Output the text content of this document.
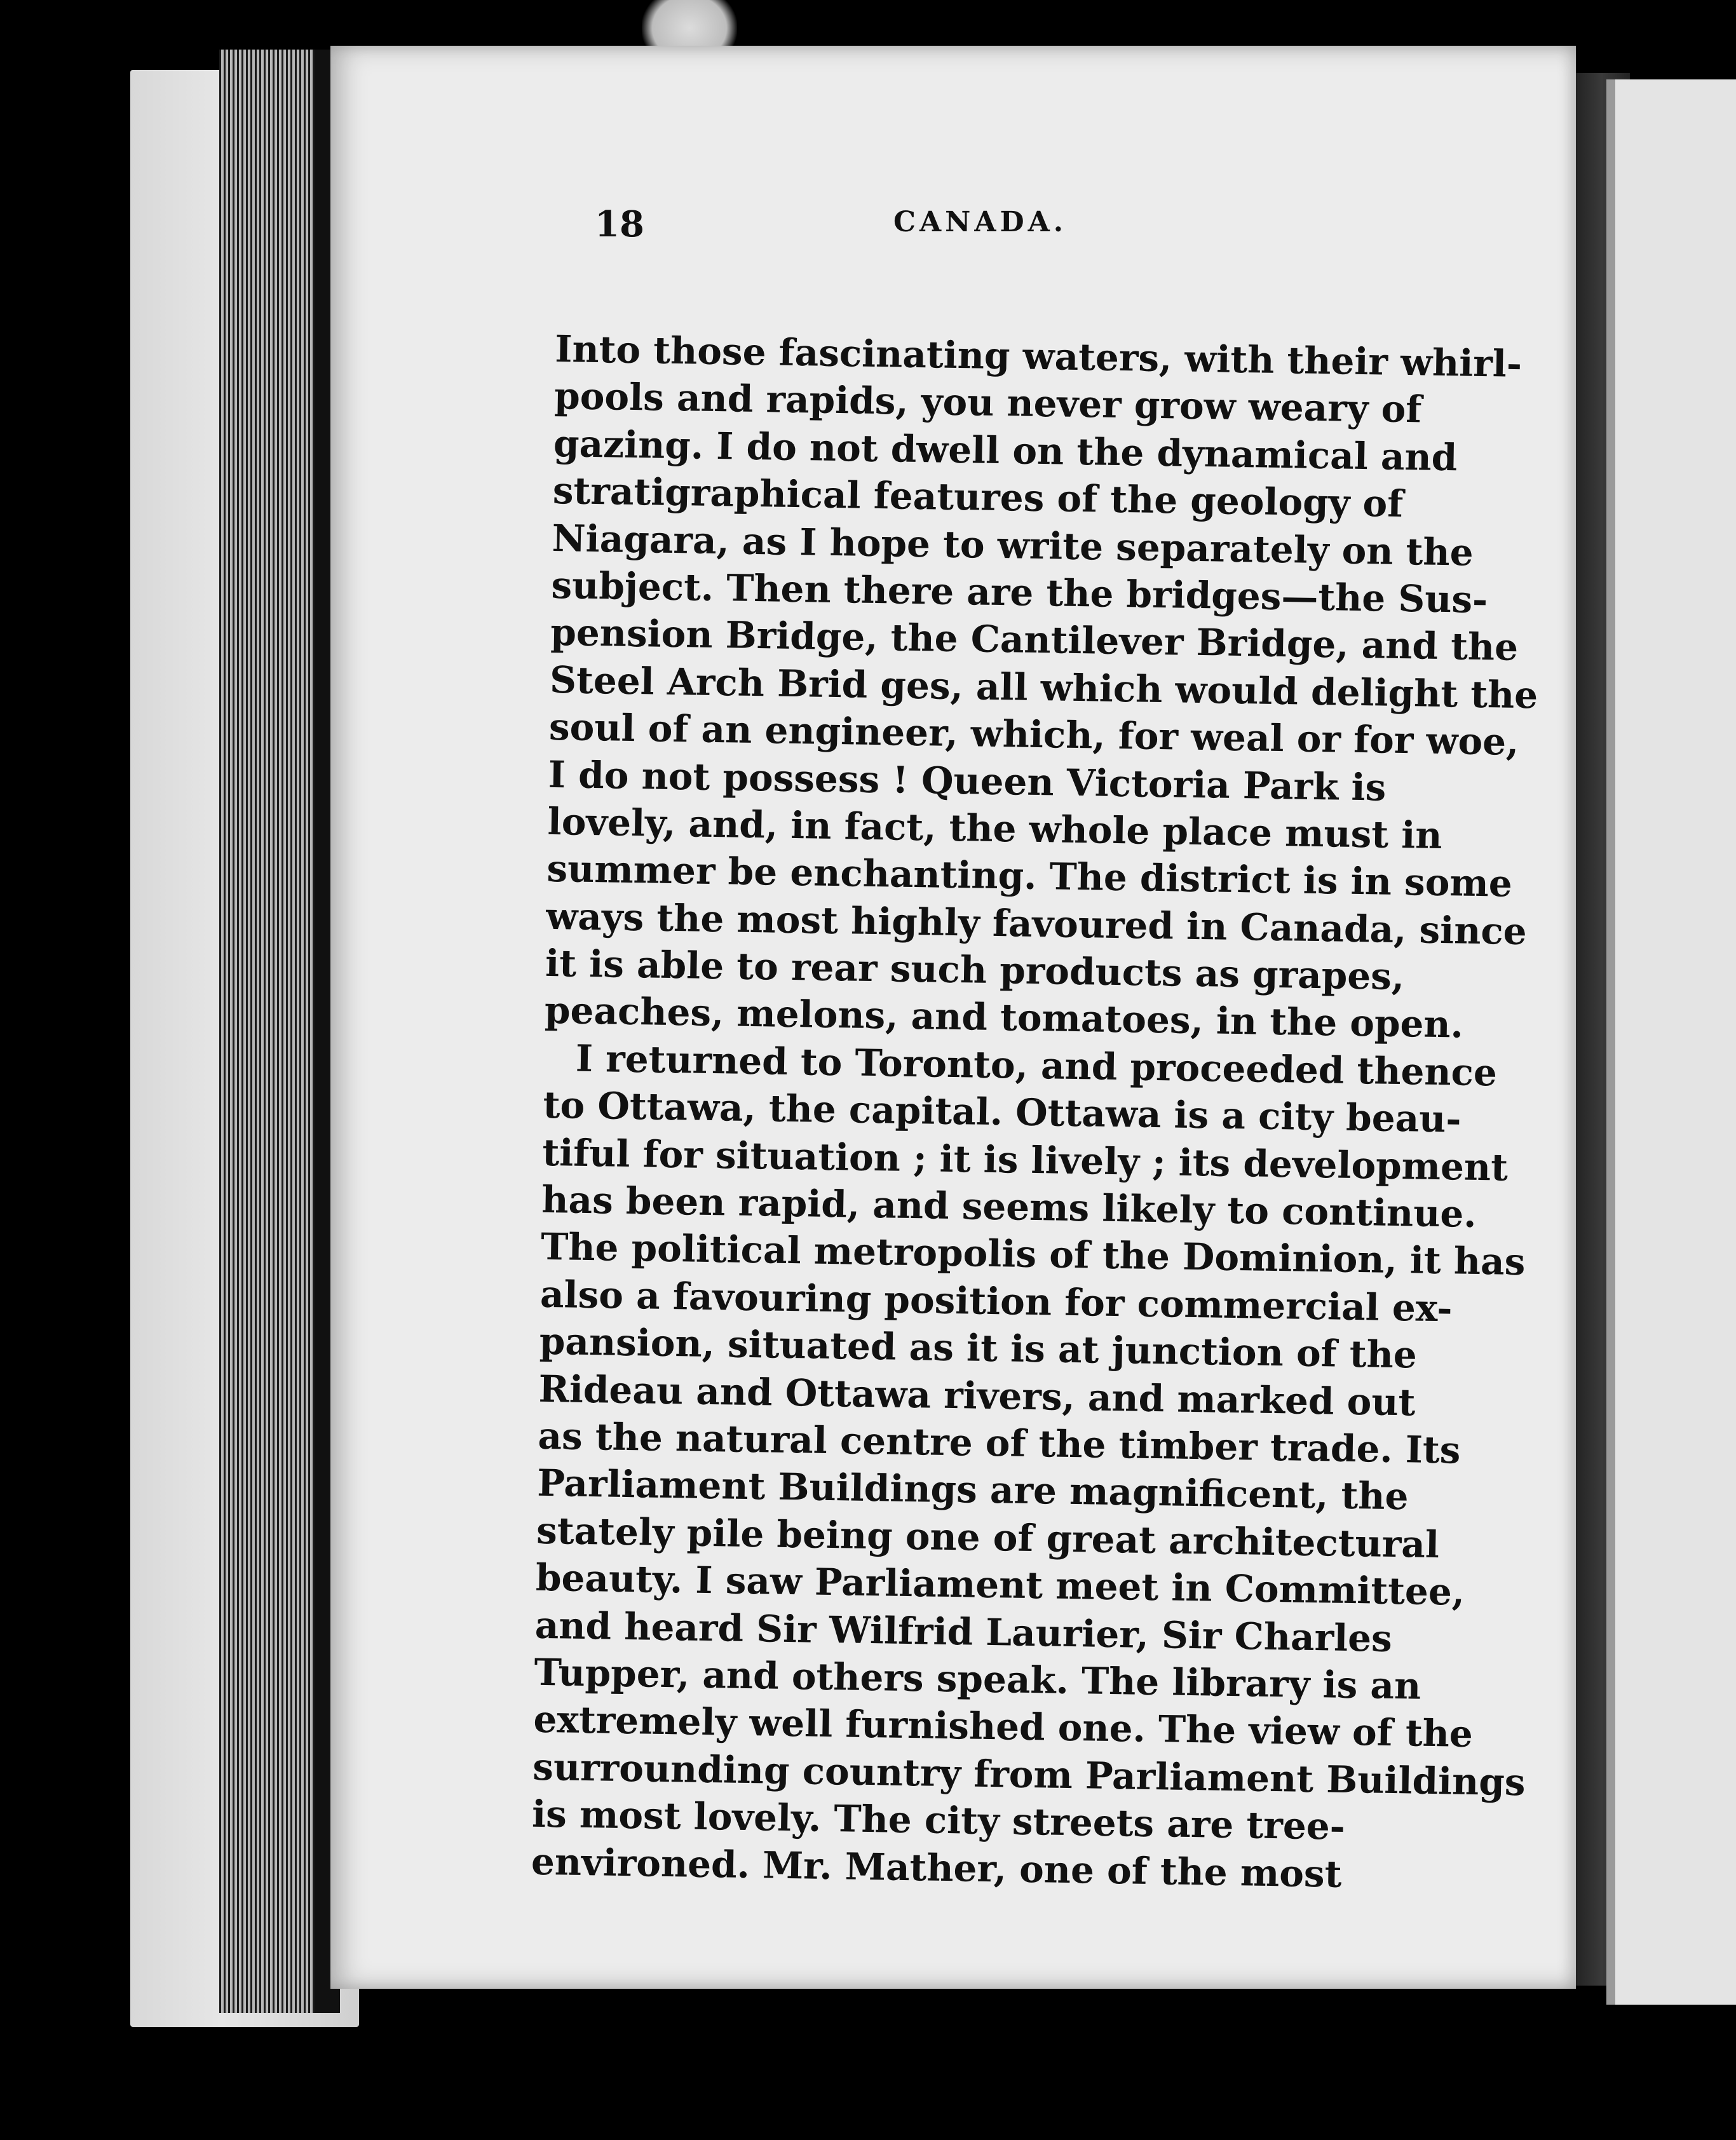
18	CANADA.
Into those fascinating waters, with their whirl-
pools and rapids, you never grow weary of
gazing. I do not dwell on the dynamical and
stratigraphical features of the geology of
Niagara, as I hope to write separately on the
subject. Then there are the bridges—the Sus-
pension Bridge, the Cantilever Bridge, and the
Steel Arch Brid ges, all which would delight the
soul of an engineer, which, for weal or for woe,
I do not possess ! Queen Victoria Park is
lovely, and, in fact, the whole place must in
summer be enchanting. The district is in some
ways the most highly favoured in Canada, since
it is able to rear such products as grapes,
peaches, melons, and tomatoes, in the open.
I returned to Toronto, and proceeded thence
to Ottawa, the capital. Ottawa is a city beau-
tiful for situation ; it is lively ; its development
has been rapid, and seems likely to continue.
The political metropolis of the Dominion, it has
also a favouring position for commercial ex-
pansion, situated as it is at junction of the
Rideau and Ottawa rivers, and marked out
as the natural centre of the timber trade. Its
Parliament Buildings are magnificent, the
stately pile being one of great architectural
beauty. I saw Parliament meet in Committee,
and heard Sir Wilfrid Laurier, Sir Charles
Tupper, and others speak. The library is an
extremely well furnished one. The view of the
surrounding country from Parliament Buildings
is most lovely. The city streets are tree-
environed. Mr. Mather, one of the most
